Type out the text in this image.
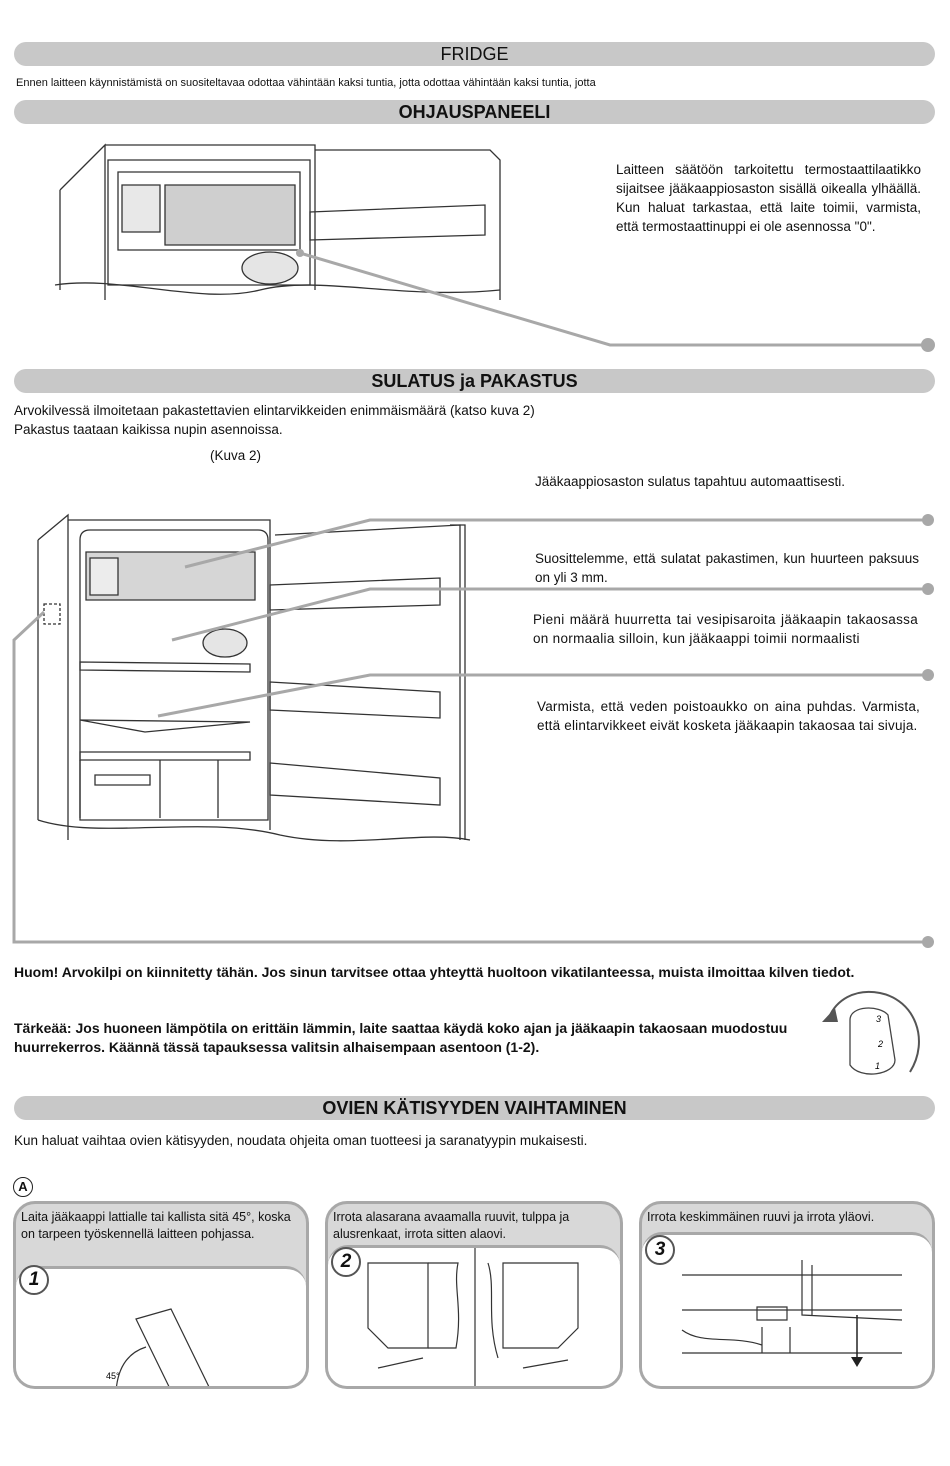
FRIDGE
Ennen laitteen käynnistämistä on suositeltavaa odottaa vähintään kaksi tuntia, jotta odottaa vähintään kaksi tuntia, jotta
OHJAUSPANEELI
Laitteen säätöön tarkoitettu termostaattilaatikko sijaitsee jääkaappiosaston sisällä oikealla ylhäällä. Kun haluat tarkastaa, että laite toimii, varmista, että termostaattinuppi ei ole asennossa "0".
SULATUS ja PAKASTUS
Arvokilvessä ilmoitetaan pakastettavien elintarvikkeiden enimmäismäärä (katso kuva 2)
Pakastus taataan kaikissa nupin asennoissa.
(Kuva 2)
Jääkaappiosaston sulatus tapahtuu automaattisesti.
Suosittelemme, että sulatat pakastimen, kun huurteen paksuus on yli 3 mm.
Pieni määrä huurretta tai vesipisaroita jääkaapin takaosassa on normaalia silloin, kun jääkaappi toimii normaalisti
Varmista, että veden poistoaukko on aina puhdas. Varmista, että elintarvikkeet eivät kosketa jääkaapin takaosaa tai sivuja.
Huom! Arvokilpi on kiinnitetty tähän. Jos sinun tarvitsee ottaa yhteyttä huoltoon vikatilanteessa, muista ilmoittaa kilven tiedot.
Tärkeää: Jos huoneen lämpötila on erittäin lämmin, laite saattaa käydä koko ajan ja jääkaapin takaosaan muodostuu huurrekerros. Käännä tässä tapauksessa valitsin alhaisempaan asentoon (1-2).
3
2
1
OVIEN KÄTISYYDEN VAIHTAMINEN
Kun haluat vaihtaa ovien kätisyyden, noudata ohjeita oman tuotteesi ja saranatyypin mukaisesti.
A
Laita jääkaappi lattialle tai kallista sitä 45°, koska on tarpeen työskennellä laitteen pohjassa.
45°
1
Irrota alasarana avaamalla ruuvit, tulppa ja alusrenkaat, irrota sitten alaovi.
2
Irrota keskimmäinen ruuvi ja irrota yläovi.
3
